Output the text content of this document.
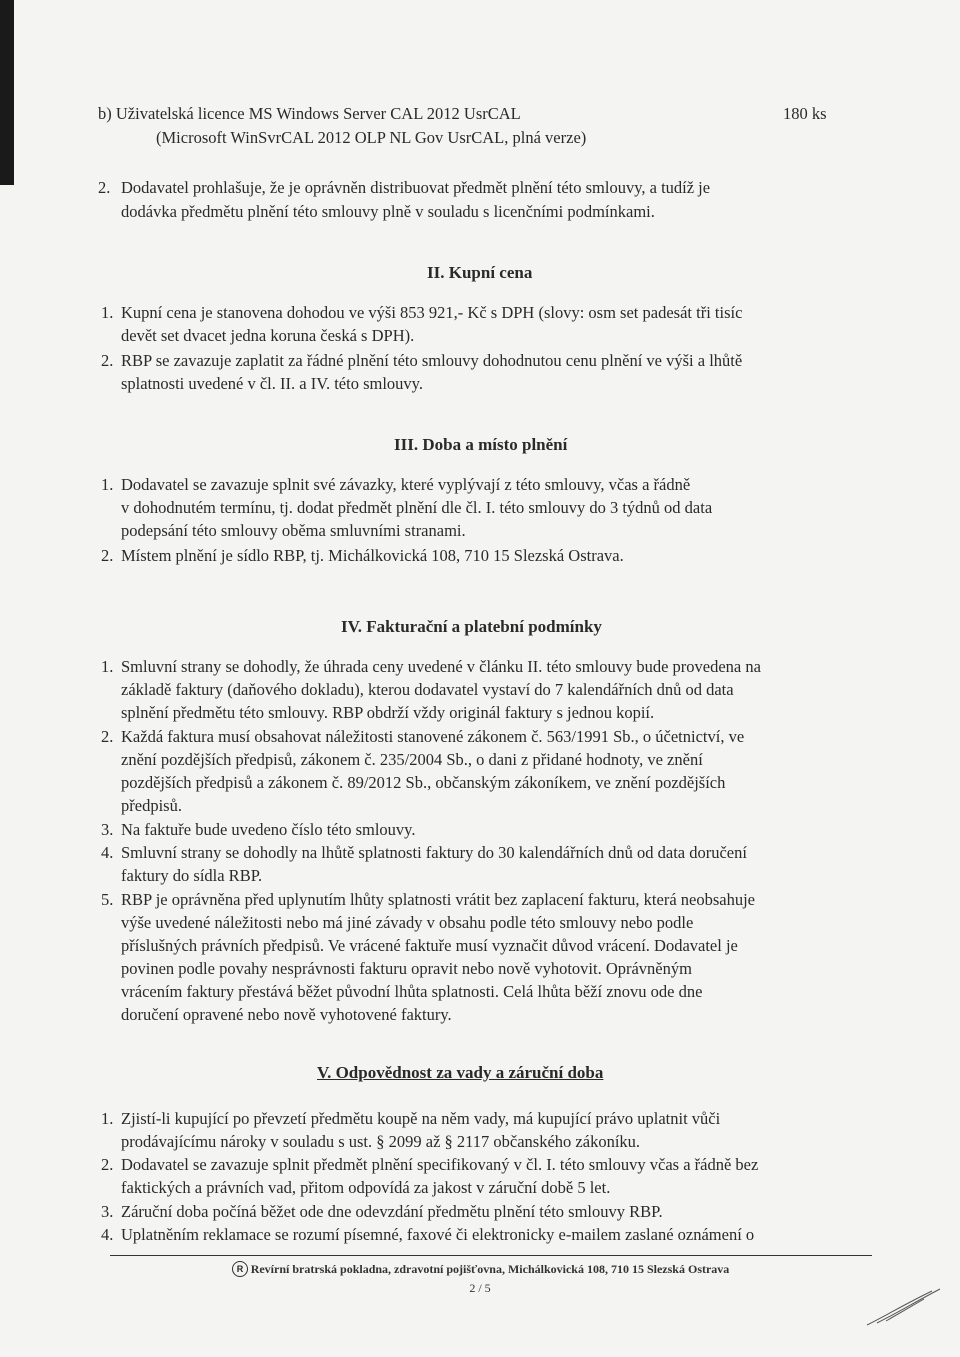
b) Uživatelská licence MS Windows Server CAL 2012 UsrCAL
(Microsoft WinSvrCAL 2012 OLP NL Gov UsrCAL, plná verze)
180 ks
2. Dodavatel prohlašuje, že je oprávněn distribuovat předmět plnění této smlouvy, a tudíž je
dodávka předmětu plnění této smlouvy plně v souladu s licenčními podmínkami.
II. Kupní cena
1. Kupní cena je stanovena dohodou ve výši 853 921,- Kč s DPH (slovy: osm set padesát tři tisíc
devět set dvacet jedna koruna česká s DPH).
2. RBP se zavazuje zaplatit za řádné plnění této smlouvy dohodnutou cenu plnění ve výši a lhůtě
splatnosti uvedené v čl. II. a IV. této smlouvy.
III. Doba a místo plnění
1. Dodavatel se zavazuje splnit své závazky, které vyplývají z této smlouvy, včas a řádně
v dohodnutém termínu, tj. dodat předmět plnění dle čl. I. této smlouvy do 3 týdnů od data
podepsání této smlouvy oběma smluvními stranami.
2. Místem plnění je sídlo RBP, tj. Michálkovická 108, 710 15 Slezská Ostrava.
IV. Fakturační a platební podmínky
1. Smluvní strany se dohodly, že úhrada ceny uvedené v článku II. této smlouvy bude provedena na
základě faktury (daňového dokladu), kterou dodavatel vystaví do 7 kalendářních dnů od data
splnění předmětu této smlouvy. RBP obdrží vždy originál faktury s jednou kopií.
2. Každá faktura musí obsahovat náležitosti stanovené zákonem č. 563/1991 Sb., o účetnictví, ve
znění pozdějších předpisů, zákonem č. 235/2004 Sb., o dani z přidané hodnoty, ve znění
pozdějších předpisů a zákonem č. 89/2012 Sb., občanským zákoníkem, ve znění pozdějších
předpisů.
3. Na faktuře bude uvedeno číslo této smlouvy.
4. Smluvní strany se dohodly na lhůtě splatnosti faktury do 30 kalendářních dnů od data doručení
faktury do sídla RBP.
5. RBP je oprávněna před uplynutím lhůty splatnosti vrátit bez zaplacení fakturu, která neobsahuje
výše uvedené náležitosti nebo má jiné závady v obsahu podle této smlouvy nebo podle
příslušných právních předpisů. Ve vrácené faktuře musí vyznačit důvod vrácení. Dodavatel je
povinen podle povahy nesprávnosti fakturu opravit nebo nově vyhotovit. Oprávněným
vrácením faktury přestává běžet původní lhůta splatnosti. Celá lhůta běží znovu ode dne
doručení opravené nebo nově vyhotovené faktury.
V. Odpovědnost za vady a záruční doba
1. Zjistí-li kupující po převzetí předmětu koupě na něm vady, má kupující právo uplatnit vůči
prodávajícímu nároky v souladu s ust. § 2099 až § 2117 občanského zákoníku.
2. Dodavatel se zavazuje splnit předmět plnění specifikovaný v čl. I. této smlouvy včas a řádně bez
faktických a právních vad, přitom odpovídá za jakost v záruční době 5 let.
3. Záruční doba počíná běžet ode dne odevzdání předmětu plnění této smlouvy RBP.
4. Uplatněním reklamace se rozumí písemné, faxové či elektronicky e-mailem zaslané oznámení o
R Revírní bratrská pokladna, zdravotní pojišťovna, Michálkovická 108, 710 15 Slezská Ostrava
2 / 5
